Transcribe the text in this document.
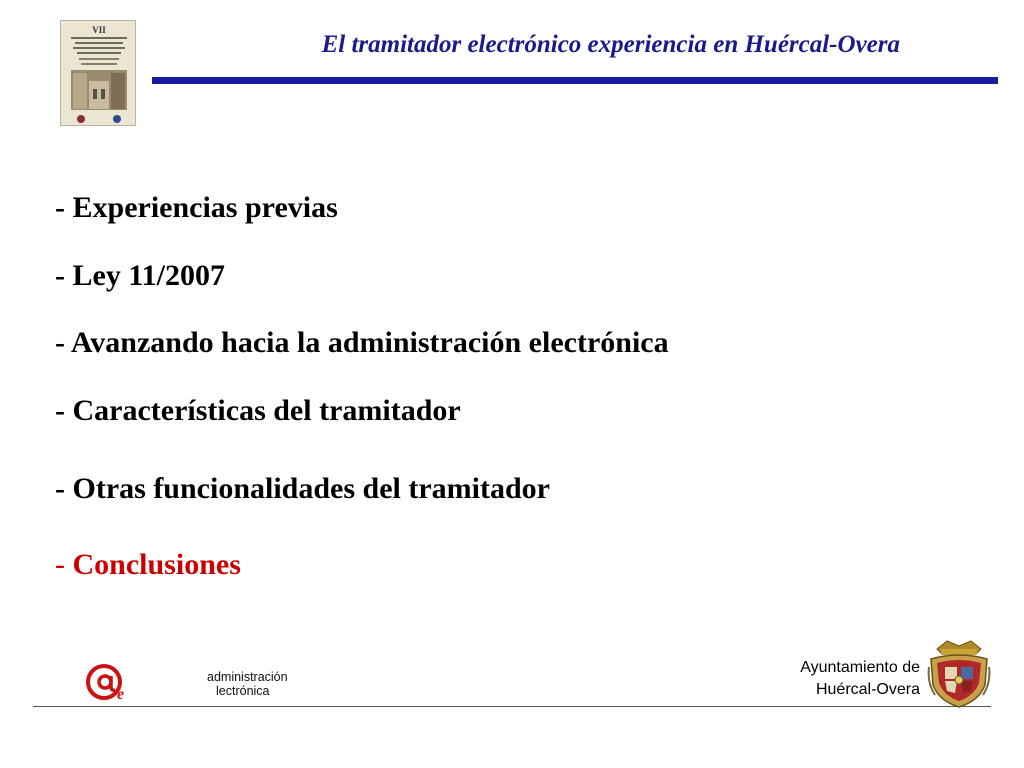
VII
El tramitador electrónico experiencia en Huércal-Overa
- Experiencias previas
- Ley 11/2007
- Avanzando hacia la administración electrónica
- Características del tramitador
- Otras funcionalidades del tramitador
- Conclusiones
e
administración
lectrónica
Ayuntamiento de
Huércal-Overa
